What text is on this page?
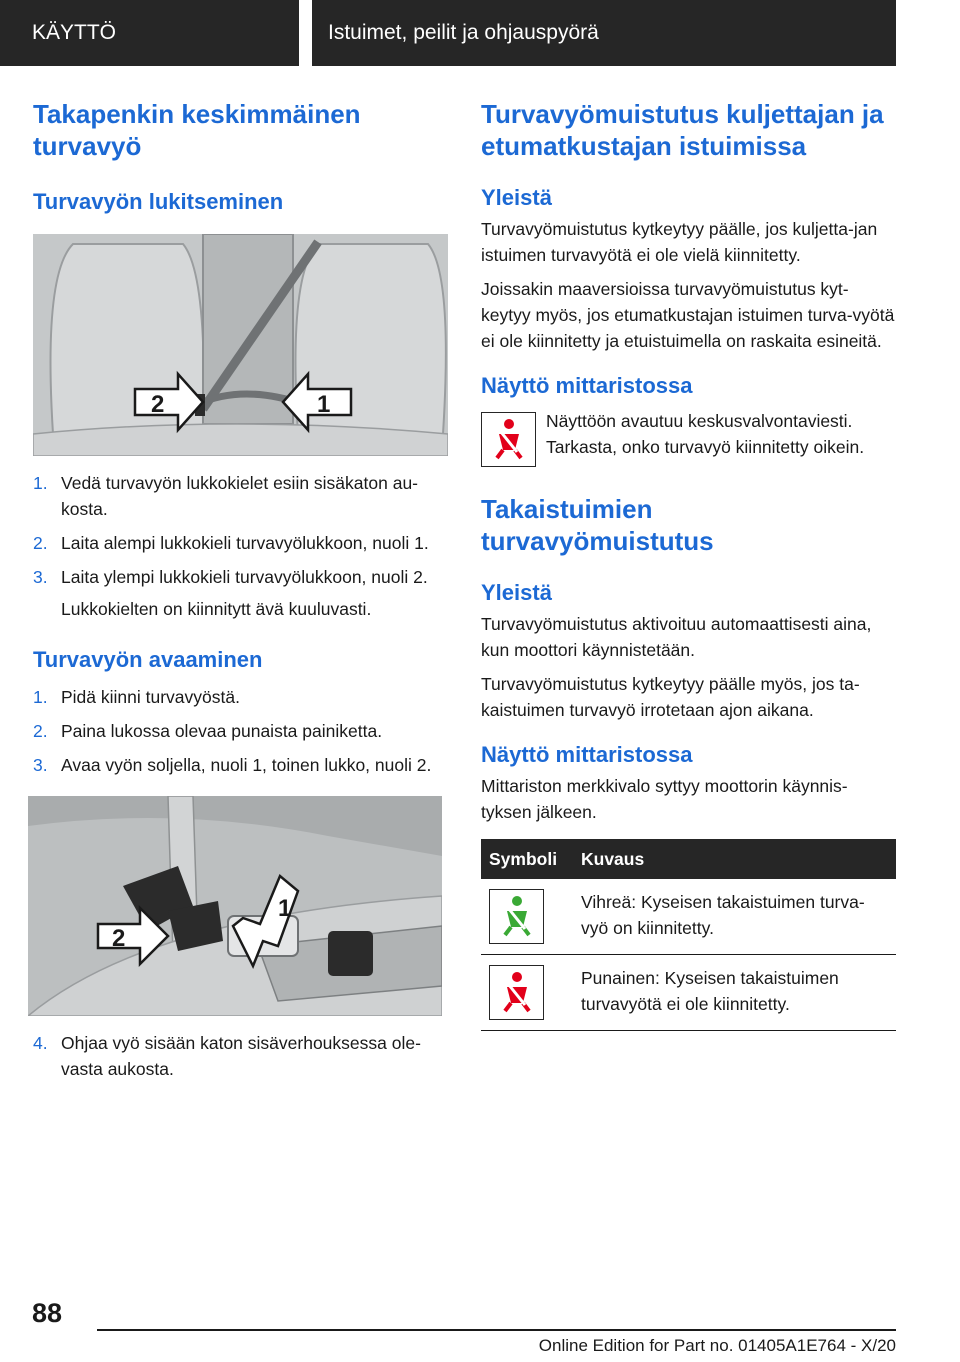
KÄYTTÖ	Istuimet, peilit ja ohjauspyörä
Takapenkin keskimmäinen turvavyö
Turvavyön lukitseminen
2	1
1. Vedä turvavyön lukkokielet esiin sisäkaton au‐kosta.
2. Laita alempi lukkokieli turvavyölukkoon, nuoli 1.
3. Laita ylempi lukkokieli turvavyölukkoon, nuoli 2.

Lukkokielten on kiinnitytt ävä kuuluvasti.

Turvavyön avaaminen
1. Pidä kiinni turvavyöstä.
2. Paina lukossa olevaa punaista painiketta.
3. Avaa vyön soljella, nuoli 1, toinen lukko, nuoli 2.
2
1
4. Ohjaa vyö sisään katon sisäverhouksessa ole‐vasta aukosta.
Turvavyömuistutus kuljettajan ja etumatkustajan istuimissa
Yleistä

Turvavyömuistutus kytkeytyy päälle, jos kuljetta‐jan istuimen turvavyötä ei ole vielä kiinnitetty.

Joissakin maaversioissa turvavyömuistutus kyt‐keytyy myös, jos etumatkustajan istuimen turva‐vyötä ei ole kiinnitetty ja etuistuimella on raskaita esineitä.

Näyttö mittaristossa

Näyttöön avautuu keskusvalvontaviesti. Tarkasta, onko turvavyö kiinnitetty oikein.

Takaistuimien turvavyömuistutus
Yleistä

Turvavyömuistutus aktivoituu automaattisesti aina, kun moottori käynnistetään.

Turvavyömuistutus kytkeytyy päälle myös, jos ta‐kaistuimen turvavyö irrotetaan ajon aikana.

Näyttö mittaristossa

Mittariston merkkivalo syttyy moottorin käynnis‐tyksen jälkeen.

Symboli	Kuvaus

	Vihreä: Kyseisen takaistuimen turva‐vyö on kiinnitetty.

	Punainen: Kyseisen takaistuimen turvavyötä ei ole kiinnitetty.
88
Online Edition for Part no. 01405A1E764 - X/20
